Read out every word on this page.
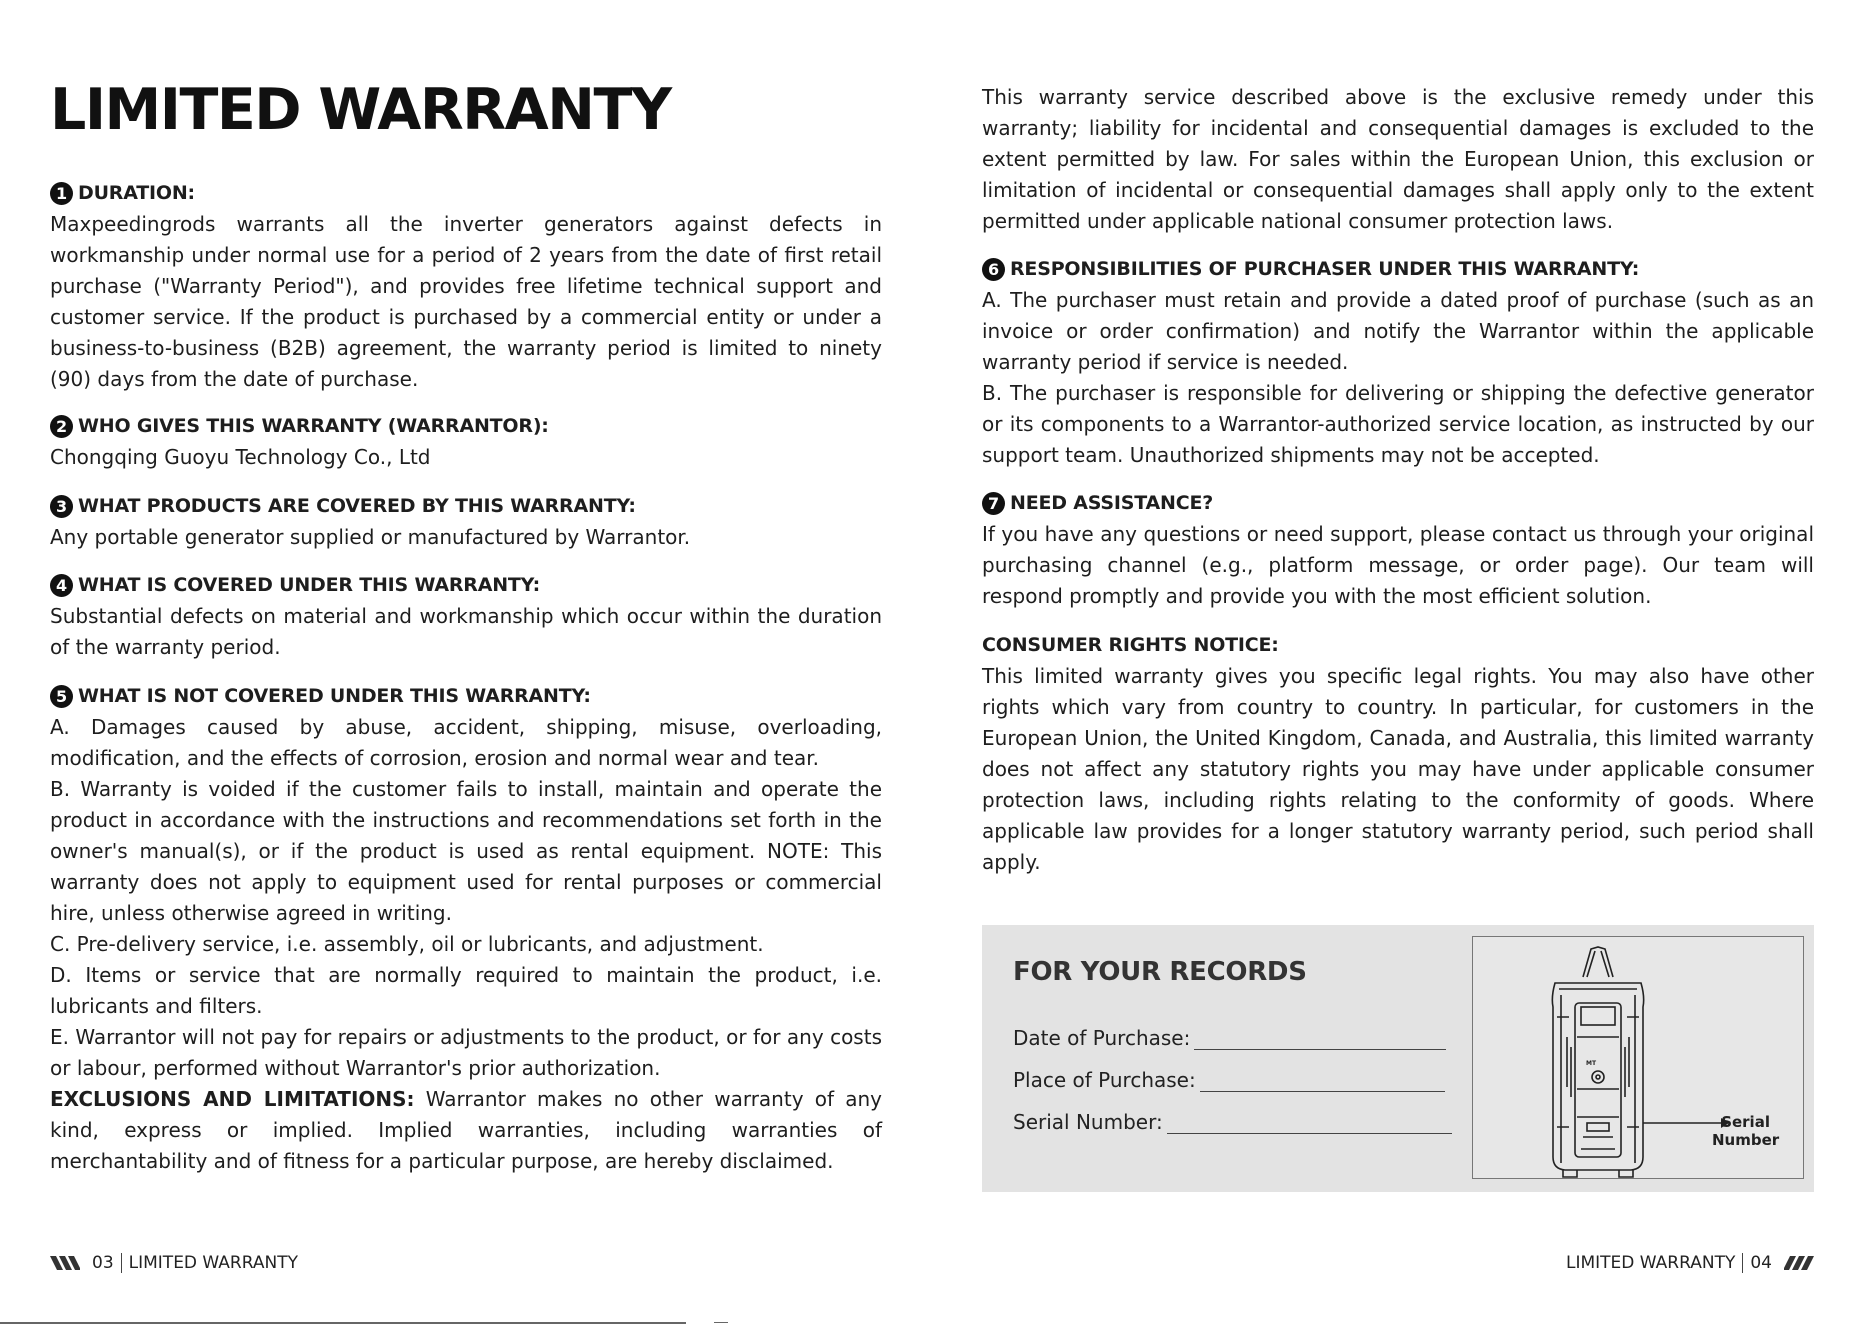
LIMITED WARRANTY
1 DURATION:

Maxpeedingrods warrants all the inverter generators against defects in workmanship under normal use for a period of 2 years from the date of first retail purchase ("Warranty Period"), and provides free lifetime technical support and customer service. If the product is purchased by a commercial entity or under a business-to-business (B2B) agreement, the warranty period is limited to ninety (90) days from the date of purchase.

2 WHO GIVES THIS WARRANTY (WARRANTOR):

Chongqing Guoyu Technology Co., Ltd

3 WHAT PRODUCTS ARE COVERED BY THIS WARRANTY:

Any portable generator supplied or manufactured by Warrantor.

4 WHAT IS COVERED UNDER THIS WARRANTY:

Substantial defects on material and workmanship which occur within the duration of the warranty period.

5 WHAT IS NOT COVERED UNDER THIS WARRANTY:

A. Damages caused by abuse, accident, shipping, misuse, overloading, modification, and the effects of corrosion, erosion and normal wear and tear.

B. Warranty is voided if the customer fails to install, maintain and operate the product in accordance with the instructions and recommendations set forth in the owner's manual(s), or if the product is used as rental equipment. NOTE: This warranty does not apply to equipment used for rental purposes or commercial hire, unless otherwise agreed in writing.

C. Pre-delivery service, i.e. assembly, oil or lubricants, and adjustment.

D. Items or service that are normally required to maintain the product, i.e. lubricants and filters.

E. Warrantor will not pay for repairs or adjustments to the product, or for any costs or labour, performed without Warrantor's prior authorization.

EXCLUSIONS AND LIMITATIONS: Warrantor makes no other warranty of any kind, express or implied. Implied warranties, including warranties of merchantability and of fitness for a particular purpose, are hereby disclaimed.

This warranty service described above is the exclusive remedy under this warranty; liability for incidental and consequential damages is excluded to the extent permitted by law. For sales within the European Union, this exclusion or limitation of incidental or consequential damages shall apply only to the extent permitted under applicable national consumer protection laws.

6 RESPONSIBILITIES OF PURCHASER UNDER THIS WARRANTY:

A. The purchaser must retain and provide a dated proof of purchase (such as an invoice or order confirmation) and notify the Warrantor within the applicable warranty period if service is needed.

B. The purchaser is responsible for delivering or shipping the defective generator or its components to a Warrantor-authorized service location, as instructed by our support team. Unauthorized shipments may not be accepted.

7 NEED ASSISTANCE?

If you have any questions or need support, please contact us through your original purchasing channel (e.g., platform message, or order page). Our team will respond promptly and provide you with the most efficient solution.

CONSUMER RIGHTS NOTICE:

This limited warranty gives you specific legal rights. You may also have other rights which vary from country to country. In particular, for customers in the European Union, the United Kingdom, Canada, and Australia, this limited warranty does not affect any statutory rights you may have under applicable consumer protection laws, including rights relating to the conformity of goods. Where applicable law provides for a longer statutory warranty period, such period shall apply.

FOR YOUR RECORDS
Date of Purchase:
Place of Purchase:
Serial Number:
MT
Serial
Number
03 LIMITED WARRANTY	LIMITED WARRANTY 04
